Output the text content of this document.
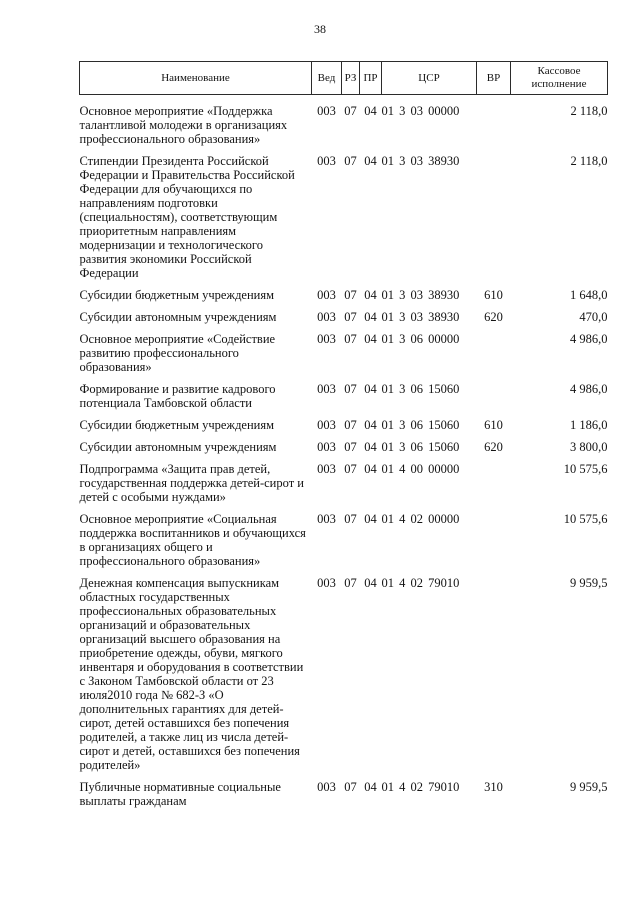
38
Наименование	Вед	РЗ	ПР	ЦСР	ВР	Кассовое исполнение

Основное мероприятие «Поддержка талантливой молодежи в организациях профессионального образования»	003	07	04	01 3 03 00000		2 118,0
Стипендии Президента Российской Федерации и Правительства Российской Федерации для обучающихся по направлениям подготовки (специальностям), соответствующим приоритетным направлениям модернизации и технологического развития экономики Российской Федерации	003	07	04	01 3 03 38930		2 118,0
Субсидии бюджетным учреждениям	003	07	04	01 3 03 38930	610	1 648,0
Субсидии автономным учреждениям	003	07	04	01 3 03 38930	620	470,0
Основное мероприятие «Содействие развитию профессионального образования»	003	07	04	01 3 06 00000		4 986,0
Формирование и развитие кадрового потенциала Тамбовской области	003	07	04	01 3 06 15060		4 986,0
Субсидии бюджетным учреждениям	003	07	04	01 3 06 15060	610	1 186,0
Субсидии автономным учреждениям	003	07	04	01 3 06 15060	620	3 800,0
Подпрограмма «Защита прав детей, государственная поддержка детей-сирот и детей с особыми нуждами»	003	07	04	01 4 00 00000		10 575,6
Основное мероприятие «Социальная поддержка воспитанников и обучающихся в организациях общего и профессионального образования»	003	07	04	01 4 02 00000		10 575,6
Денежная компенсация выпускникам областных государственных профессиональных образовательных организаций и образовательных организаций высшего образования на приобретение одежды, обуви, мягкого инвентаря и оборудования в соответствии с Законом Тамбовской области от 23 июля2010 года № 682-З «О дополнительных гарантиях для детей-сирот, детей оставшихся без попечения родителей, а также лиц из числа детей-сирот и детей, оставшихся без попечения родителей»	003	07	04	01 4 02 79010		9 959,5
Публичные нормативные социальные выплаты гражданам	003	07	04	01 4 02 79010	310	9 959,5
